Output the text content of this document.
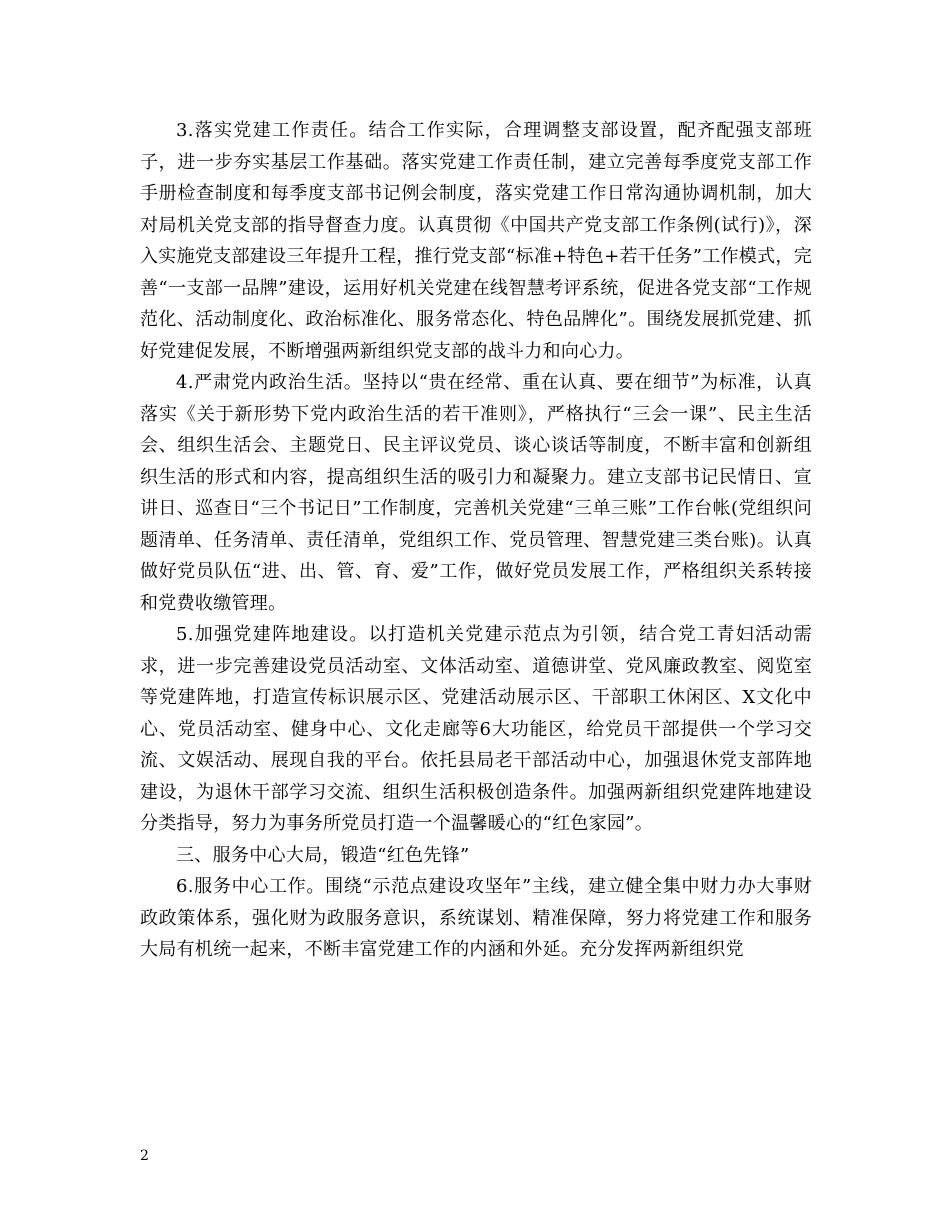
3.落实党建工作责任。结合工作实际，合理调整支部设置，配齐配强支部班子，进一步夯实基层工作基础。落实党建工作责任制，建立完善每季度党支部工作手册检查制度和每季度支部书记例会制度，落实党建工作日常沟通协调机制，加大对局机关党支部的指导督查力度。认真贯彻《中国共产党支部工作条例(试行)》，深入实施党支部建设三年提升工程，推行党支部“标准+特色+若干任务”工作模式，完善“一支部一品牌”建设，运用好机关党建在线智慧考评系统，促进各党支部“工作规范化、活动制度化、政治标准化、服务常态化、特色品牌化”。围绕发展抓党建、抓好党建促发展，不断增强两新组织党支部的战斗力和向心力。

4.严肃党内政治生活。坚持以“贵在经常、重在认真、要在细节”为标准，认真落实《关于新形势下党内政治生活的若干准则》，严格执行“三会一课”、民主生活会、组织生活会、主题党日、民主评议党员、谈心谈话等制度，不断丰富和创新组织生活的形式和内容，提高组织生活的吸引力和凝聚力。建立支部书记民情日、宣讲日、巡查日“三个书记日”工作制度，完善机关党建“三单三账”工作台帐(党组织问题清单、任务清单、责任清单，党组织工作、党员管理、智慧党建三类台账)。认真做好党员队伍“进、出、管、育、爱”工作，做好党员发展工作，严格组织关系转接和党费收缴管理。

5.加强党建阵地建设。以打造机关党建示范点为引领，结合党工青妇活动需求，进一步完善建设党员活动室、文体活动室、道德讲堂、党风廉政教室、阅览室等党建阵地，打造宣传标识展示区、党建活动展示区、干部职工休闲区、X文化中心、党员活动室、健身中心、文化走廊等6大功能区，给党员干部提供一个学习交流、文娱活动、展现自我的平台。依托县局老干部活动中心，加强退休党支部阵地建设，为退休干部学习交流、组织生活积极创造条件。加强两新组织党建阵地建设分类指导，努力为事务所党员打造一个温馨暖心的“红色家园”。

三、服务中心大局，锻造“红色先锋”

6.服务中心工作。围绕“示范点建设攻坚年”主线，建立健全集中财力办大事财政政策体系，强化财为政服务意识，系统谋划、精准保障，努力将党建工作和服务大局有机统一起来，不断丰富党建工作的内涵和外延。充分发挥两新组织党

2
